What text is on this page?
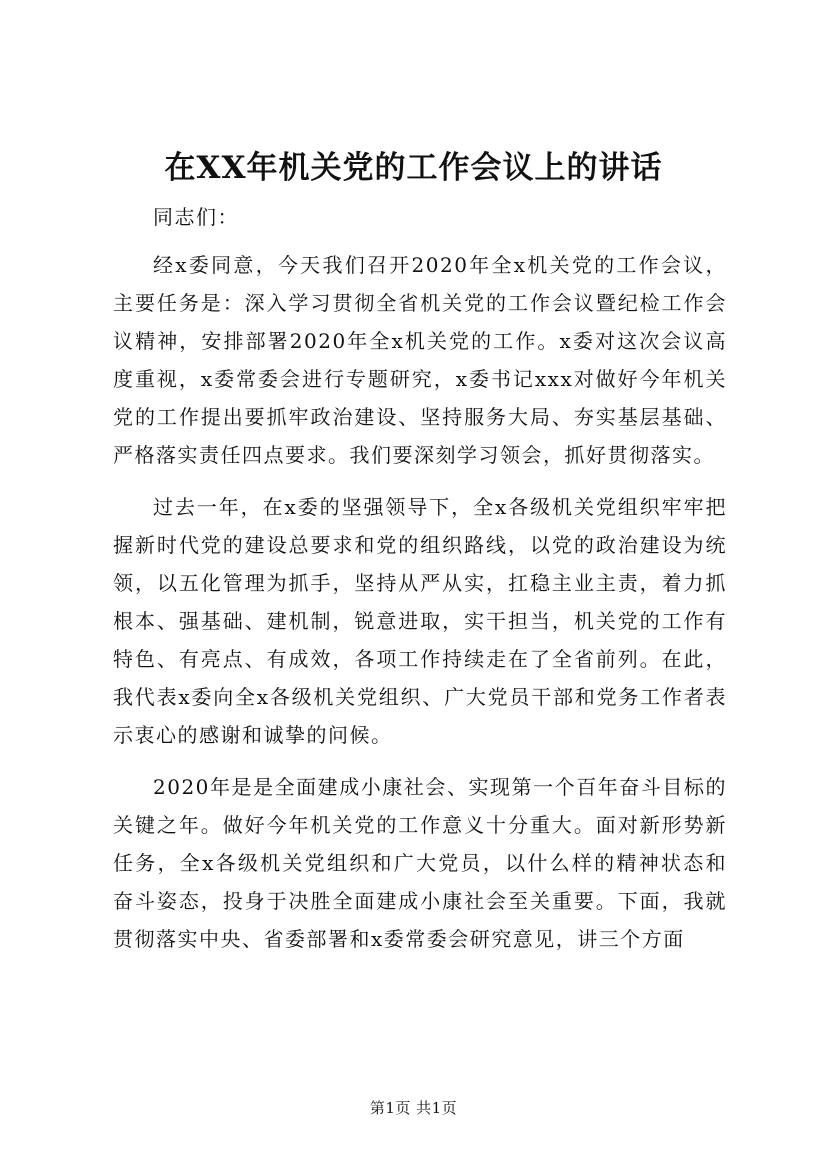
在XX年机关党的工作会议上的讲话

同志们：

经x委同意，今天我们召开2020年全x机关党的工作会议，主要任务是：深入学习贯彻全省机关党的工作会议暨纪检工作会议精神，安排部署2020年全x机关党的工作。x委对这次会议高度重视，x委常委会进行专题研究，x委书记xxx对做好今年机关党的工作提出要抓牢政治建设、坚持服务大局、夯实基层基础、严格落实责任四点要求。我们要深刻学习领会，抓好贯彻落实。

过去一年，在x委的坚强领导下，全x各级机关党组织牢牢把握新时代党的建设总要求和党的组织路线，以党的政治建设为统领，以五化管理为抓手，坚持从严从实，扛稳主业主责，着力抓根本、强基础、建机制，锐意进取，实干担当，机关党的工作有特色、有亮点、有成效，各项工作持续走在了全省前列。在此，我代表x委向全x各级机关党组织、广大党员干部和党务工作者表示衷心的感谢和诚挚的问候。

2020年是是全面建成小康社会、实现第一个百年奋斗目标的关键之年。做好今年机关党的工作意义十分重大。面对新形势新任务，全x各级机关党组织和广大党员，以什么样的精神状态和奋斗姿态，投身于决胜全面建成小康社会至关重要。下面，我就贯彻落实中央、省委部署和x委常委会研究意见，讲三个方面

第1页 共1页
